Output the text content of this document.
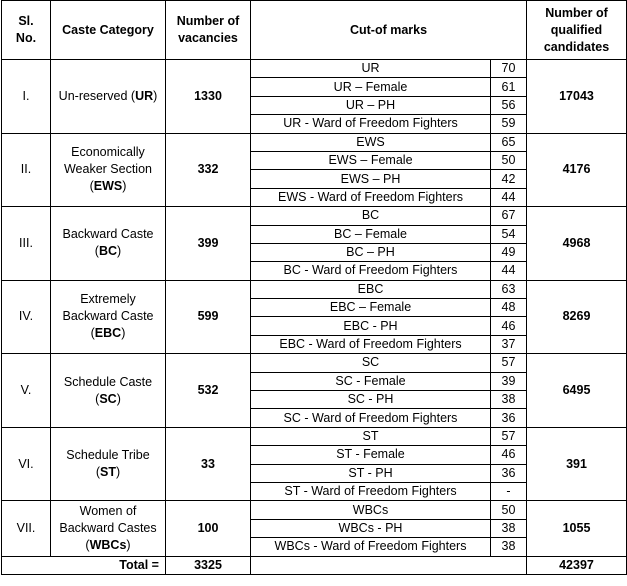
Sl. No.	Caste Category	Number of vacancies	Cut-of marks		Number of qualified candidates
I.	Un-reserved (UR)	1330	UR	70	17043
			UR – Female	61	
			UR – PH	56	
			UR - Ward of Freedom Fighters	59	
II.	Economically Weaker Section (EWS)	332	EWS	65	4176
			EWS – Female	50	
			EWS – PH	42	
			EWS - Ward of Freedom Fighters	44	
III.	Backward Caste (BC)	399	BC	67	4968
			BC – Female	54	
			BC – PH	49	
			BC - Ward of Freedom Fighters	44	
IV.	Extremely Backward Caste (EBC)	599	EBC	63	8269
			EBC – Female	48	
			EBC - PH	46	
			EBC - Ward of Freedom Fighters	37	
V.	Schedule Caste (SC)	532	SC	57	6495
			SC - Female	39	
			SC - PH	38	
			SC - Ward of Freedom Fighters	36	
VI.	Schedule Tribe (ST)	33	ST	57	391
			ST - Female	46	
			ST - PH	36	
			ST - Ward of Freedom Fighters	-	
VII.	Women of Backward Castes (WBCs)	100	WBCs	50	1055
			WBCs - PH	38	
			WBCs - Ward of Freedom Fighters	38	
Total =		3325			42397
